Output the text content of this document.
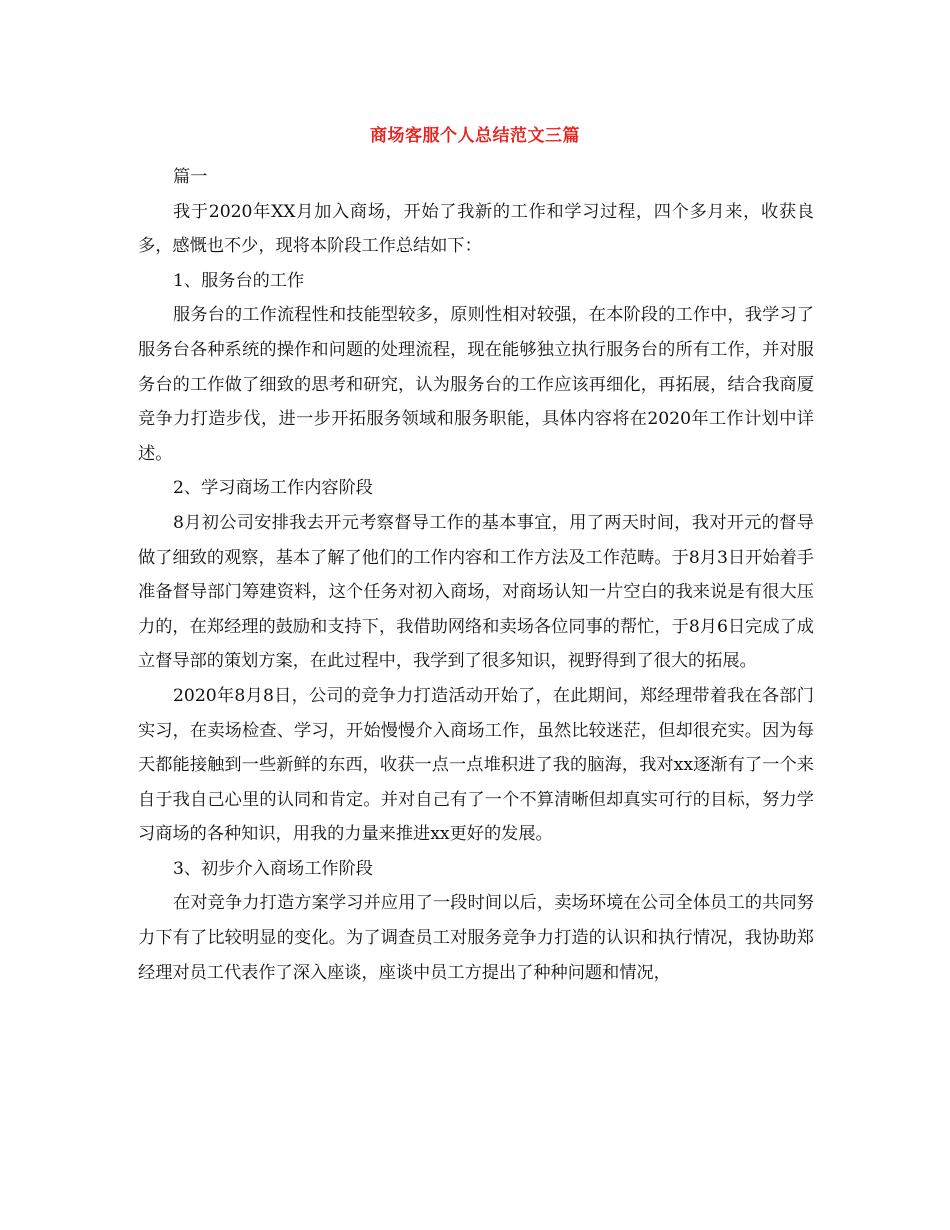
商场客服个人总结范文三篇

篇一

我于2020年XX月加入商场，开始了我新的工作和学习过程，四个多月来，收获良多，感慨也不少，现将本阶段工作总结如下：

1、服务台的工作

服务台的工作流程性和技能型较多，原则性相对较强，在本阶段的工作中，我学习了服务台各种系统的操作和问题的处理流程，现在能够独立执行服务台的所有工作，并对服务台的工作做了细致的思考和研究，认为服务台的工作应该再细化，再拓展，结合我商厦竞争力打造步伐，进一步开拓服务领域和服务职能，具体内容将在2020年工作计划中详述。

2、学习商场工作内容阶段

8月初公司安排我去开元考察督导工作的基本事宜，用了两天时间，我对开元的督导做了细致的观察，基本了解了他们的工作内容和工作方法及工作范畴。于8月3日开始着手准备督导部门筹建资料，这个任务对初入商场，对商场认知一片空白的我来说是有很大压力的，在郑经理的鼓励和支持下，我借助网络和卖场各位同事的帮忙，于8月6日完成了成立督导部的策划方案，在此过程中，我学到了很多知识，视野得到了很大的拓展。

2020年8月8日，公司的竞争力打造活动开始了，在此期间，郑经理带着我在各部门实习，在卖场检查、学习，开始慢慢介入商场工作，虽然比较迷茫，但却很充实。因为每天都能接触到一些新鲜的东西，收获一点一点堆积进了我的脑海，我对xx逐渐有了一个来自于我自己心里的认同和肯定。并对自己有了一个不算清晰但却真实可行的目标，努力学习商场的各种知识，用我的力量来推进xx更好的发展。

3、初步介入商场工作阶段

在对竞争力打造方案学习并应用了一段时间以后，卖场环境在公司全体员工的共同努力下有了比较明显的变化。为了调查员工对服务竞争力打造的认识和执行情况，我协助郑经理对员工代表作了深入座谈，座谈中员工方提出了种种问题和情况，
